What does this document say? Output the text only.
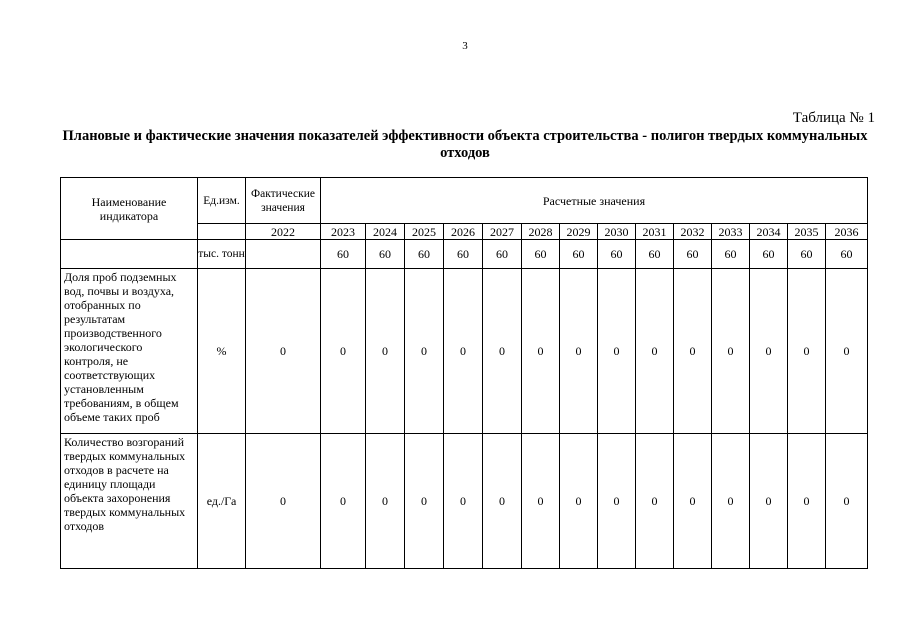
3
Таблица № 1
Плановые и фактические значения показателей эффективности объекта строительства - полигон твердых коммунальных отходов
Наименование индикатора	Ед.изм.	Фактические значения	Расчетные значения													
		2022	2023	2024	2025	2026	2027	2028	2029	2030	2031	2032	2033	2034	2035	2036
	тыс. тонн		60	60	60	60	60	60	60	60	60	60	60	60	60	60
Доля проб подземных вод, почвы и воздуха, отобранных по результатам производственного экологического контроля, не соответствующих установленным требованиям, в общем объеме таких проб	%	0	0	0	0	0	0	0	0	0	0	0	0	0	0	0
Количество возгораний твердых коммунальных отходов в расчете на единицу площади объекта захоронения твердых коммунальных отходов	ед./Га	0	0	0	0	0	0	0	0	0	0	0	0	0	0	0
